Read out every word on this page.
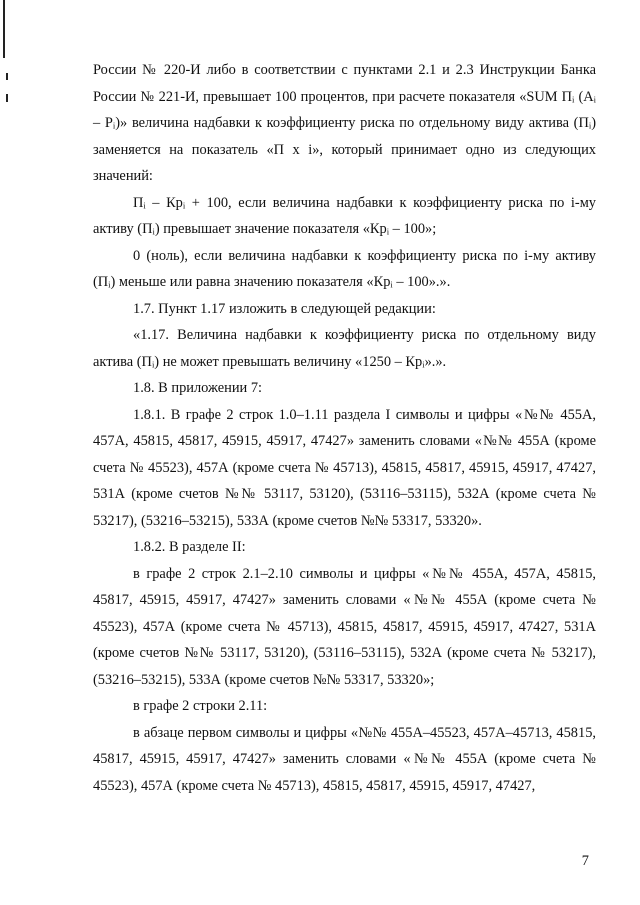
России № 220-И либо в соответствии с пунктами 2.1 и 2.3 Инструкции Банка России № 221-И, превышает 100 процентов, при расчете показателя «SUM Пᵢ (Aᵢ – Pᵢ)» величина надбавки к коэффициенту риска по отдельному виду актива (Пᵢ) заменяется на показатель «П x i», который принимает одно из следующих значений:

Пᵢ – Крᵢ + 100, если величина надбавки к коэффициенту риска по i-му активу (Пᵢ) превышает значение показателя «Крᵢ – 100»;

0 (ноль), если величина надбавки к коэффициенту риска по i-му активу (Пᵢ) меньше или равна значению показателя «Крᵢ – 100».».

1.7. Пункт 1.17 изложить в следующей редакции:

«1.17. Величина надбавки к коэффициенту риска по отдельному виду актива (Пᵢ) не может превышать величину «1250 – Крᵢ».».

1.8. В приложении 7:

1.8.1. В графе 2 строк 1.0–1.11 раздела I символы и цифры «№№ 455А, 457А, 45815, 45817, 45915, 45917, 47427» заменить словами «№№ 455А (кроме счета № 45523), 457А (кроме счета № 45713), 45815, 45817, 45915, 45917, 47427, 531А (кроме счетов №№ 53117, 53120), (53116–53115), 532А (кроме счета № 53217), (53216–53215), 533А (кроме счетов №№ 53317, 53320».

1.8.2. В разделе II:

в графе 2 строк 2.1–2.10 символы и цифры «№№ 455А, 457А, 45815, 45817, 45915, 45917, 47427» заменить словами «№№ 455А (кроме счета № 45523), 457А (кроме счета № 45713), 45815, 45817, 45915, 45917, 47427, 531А (кроме счетов №№ 53117, 53120), (53116–53115), 532А (кроме счета № 53217), (53216–53215), 533А (кроме счетов №№ 53317, 53320»;

в графе 2 строки 2.11:

в абзаце первом символы и цифры «№№ 455А–45523, 457А–45713, 45815, 45817, 45915, 45917, 47427» заменить словами «№№ 455А (кроме счета № 45523), 457А (кроме счета № 45713), 45815, 45817, 45915, 45917, 47427,

7
